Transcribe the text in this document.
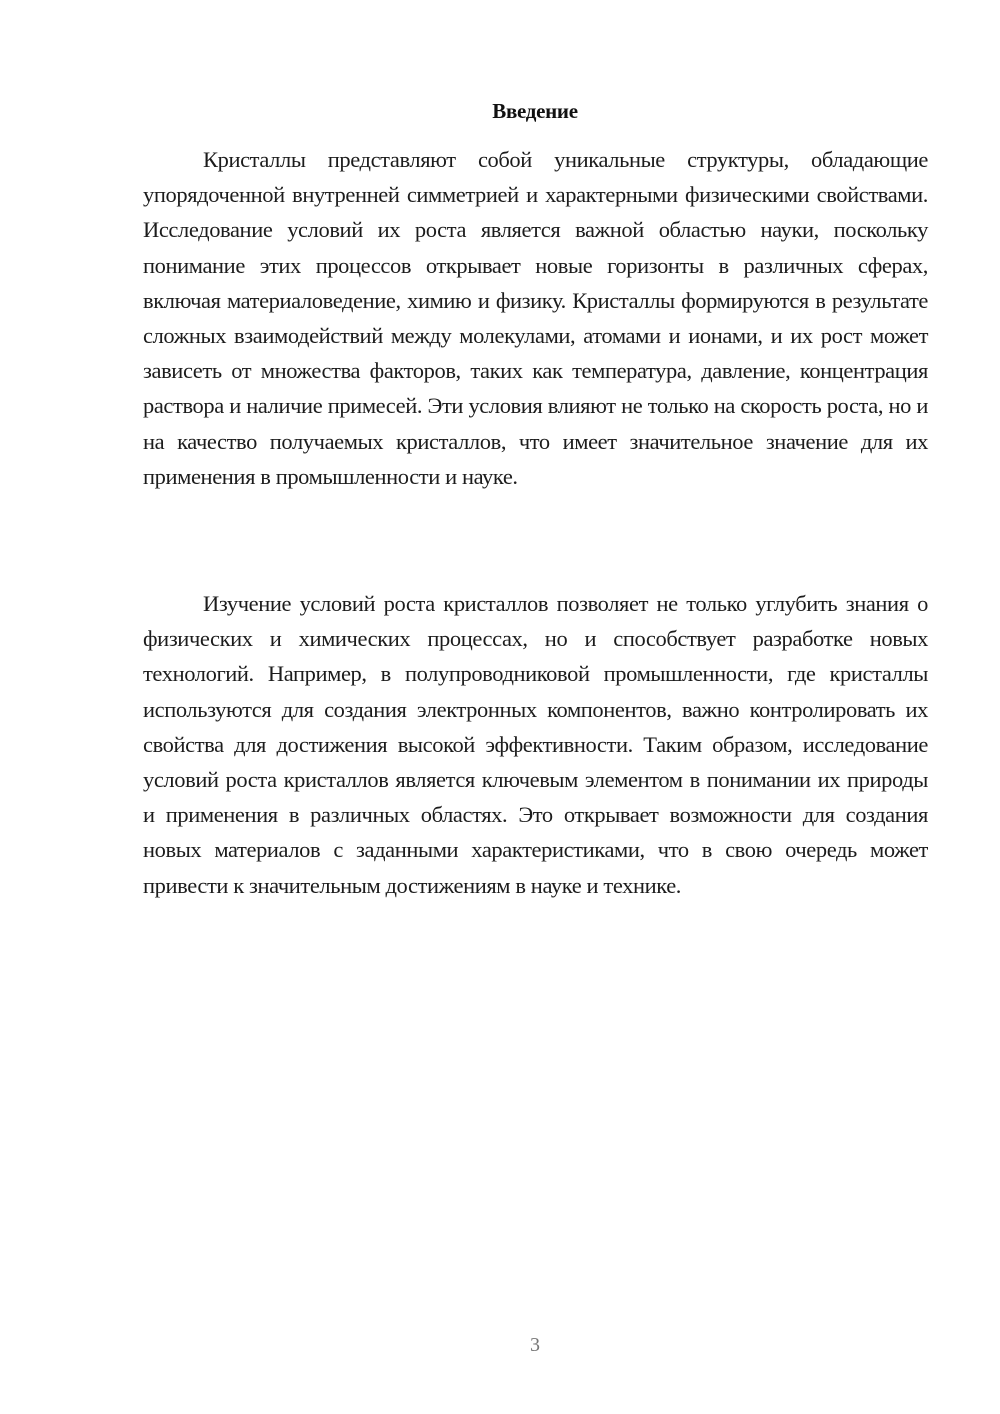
Введение

Кристаллы представляют собой уникальные структуры, обладающие упорядоченной внутренней симметрией и характерными физическими свойствами. Исследование условий их роста является важной областью науки, поскольку понимание этих процессов открывает новые горизонты в различных сферах, включая материаловедение, химию и физику. Кристаллы формируются в результате сложных взаимодействий между молекулами, атомами и ионами, и их рост может зависеть от множества факторов, таких как температура, давление, концентрация раствора и наличие примесей. Эти условия влияют не только на скорость роста, но и на качество получаемых кристаллов, что имеет значительное значение для их применения в промышленности и науке.

Изучение условий роста кристаллов позволяет не только углубить знания о физических и химических процессах, но и способствует разработке новых технологий. Например, в полупроводниковой промышленности, где кристаллы используются для создания электронных компонентов, важно контролировать их свойства для достижения высокой эффективности. Таким образом, исследование условий роста кристаллов является ключевым элементом в понимании их природы и применения в различных областях. Это открывает возможности для создания новых материалов с заданными характеристиками, что в свою очередь может привести к значительным достижениям в науке и технике.

3
